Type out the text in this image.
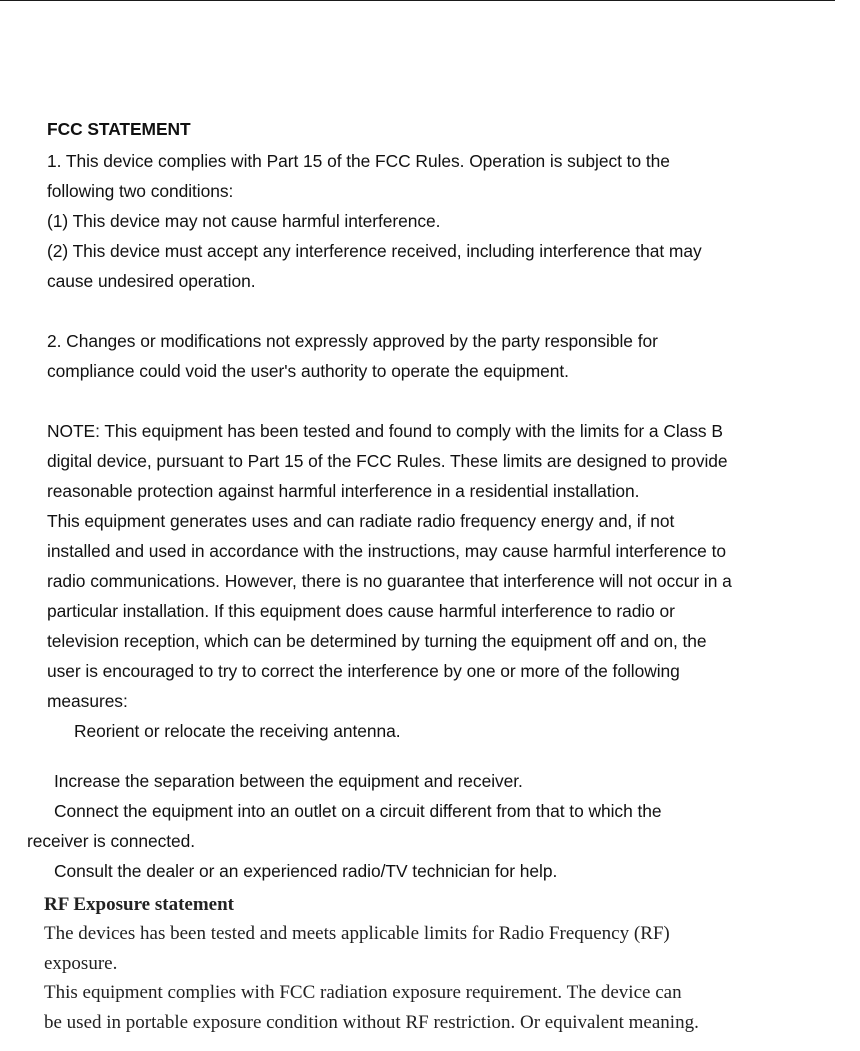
FCC STATEMENT

1. This device complies with Part 15 of the FCC Rules. Operation is subject to the

following two conditions:

(1) This device may not cause harmful interference.

(2) This device must accept any interference received, including interference that may

cause undesired operation.

2. Changes or modifications not expressly approved by the party responsible for

compliance could void the user's authority to operate the equipment.

NOTE: This equipment has been tested and found to comply with the limits for a Class B

digital device, pursuant to Part 15 of the FCC Rules. These limits are designed to provide

reasonable protection against harmful interference in a residential installation.

This equipment generates uses and can radiate radio frequency energy and, if not

installed and used in accordance with the instructions, may cause harmful interference to

radio communications. However, there is no guarantee that interference will not occur in a

particular installation. If this equipment does cause harmful interference to radio or

television reception, which can be determined by turning the equipment off and on, the

user is encouraged to try to correct the interference by one or more of the following

measures:

Reorient or relocate the receiving antenna.

Increase the separation between the equipment and receiver.

Connect the equipment into an outlet on a circuit different from that to which the

receiver is connected.

Consult the dealer or an experienced radio/TV technician for help.

RF Exposure statement

The devices has been tested and meets applicable limits for Radio Frequency (RF)

exposure.

This equipment complies with FCC radiation exposure requirement. The device can

be used in portable exposure condition without RF restriction. Or equivalent meaning.
